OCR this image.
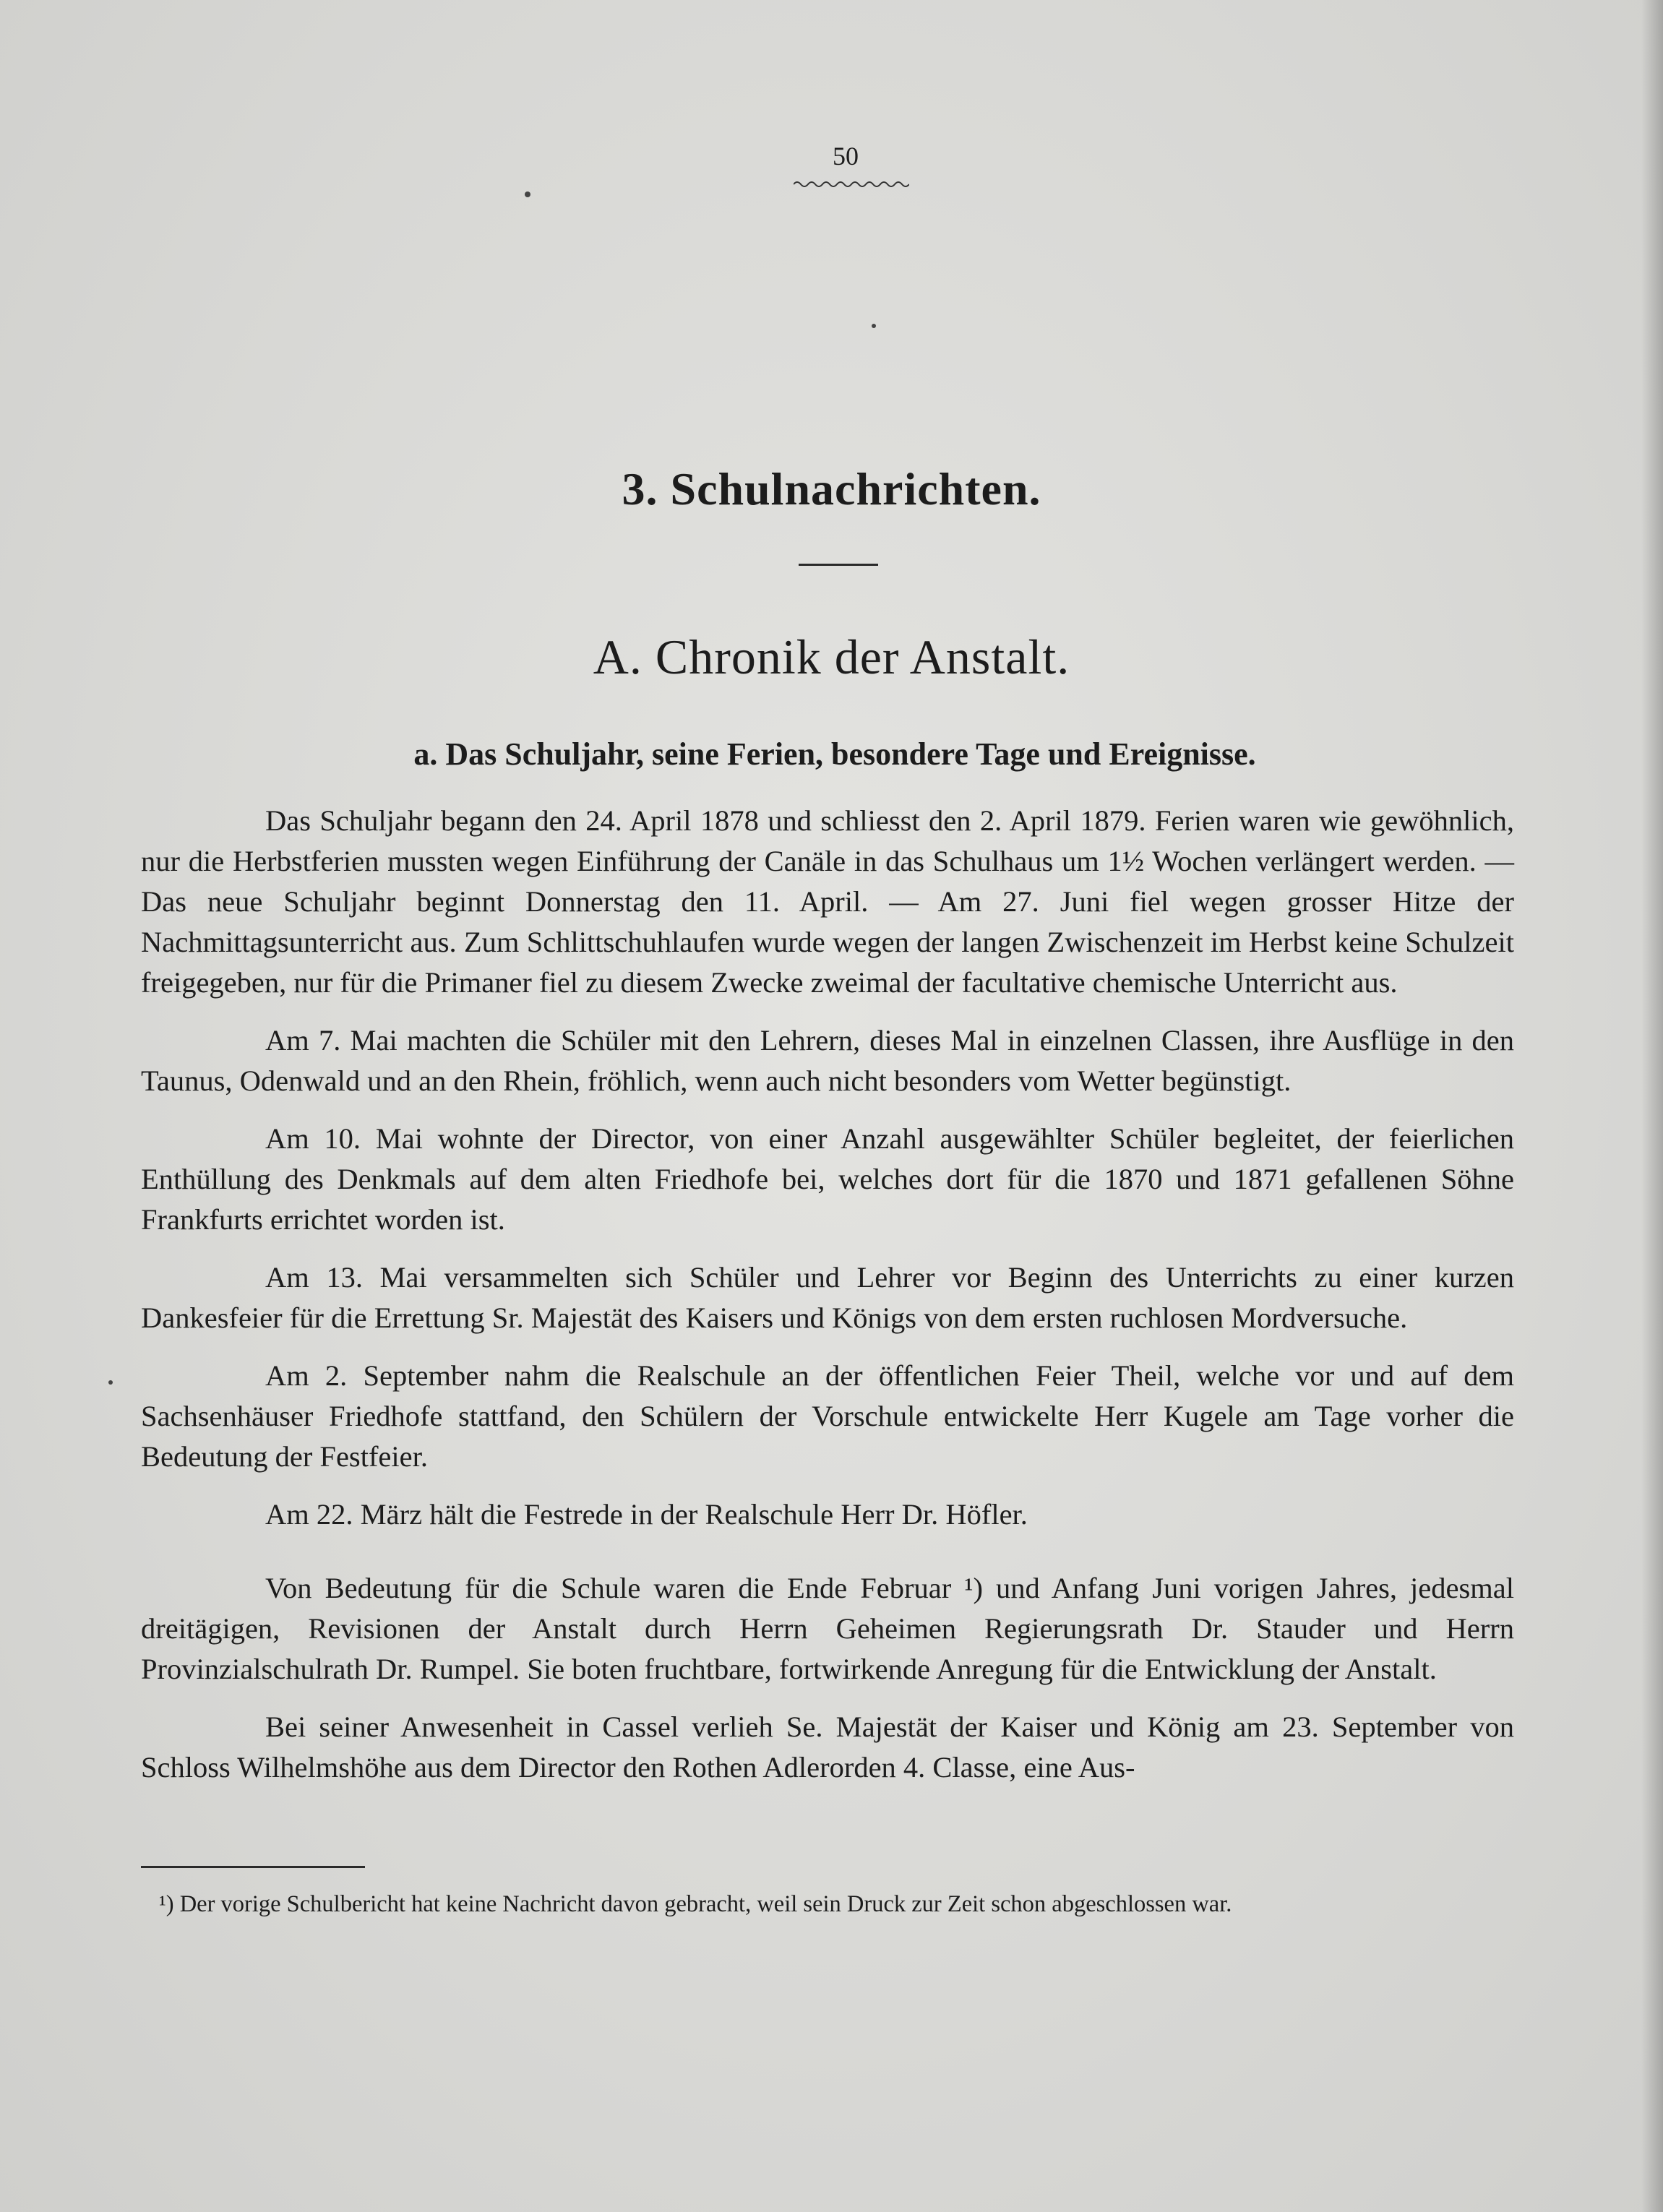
50
3. Schulnachrichten.
A. Chronik der Anstalt.
a. Das Schuljahr, seine Ferien, besondere Tage und Ereignisse.

Das Schuljahr begann den 24. April 1878 und schliesst den 2. April 1879. Ferien waren wie gewöhnlich, nur die Herbstferien mussten wegen Einführung der Canäle in das Schulhaus um 1½ Wochen verlängert werden. — Das neue Schuljahr beginnt Donnerstag den 11. April. — Am 27. Juni fiel wegen grosser Hitze der Nachmittagsunterricht aus. Zum Schlittschuhlaufen wurde wegen der langen Zwischenzeit im Herbst keine Schulzeit freigegeben, nur für die Primaner fiel zu diesem Zwecke zweimal der facultative chemische Unterricht aus.

Am 7. Mai machten die Schüler mit den Lehrern, dieses Mal in einzelnen Classen, ihre Ausflüge in den Taunus, Odenwald und an den Rhein, fröhlich, wenn auch nicht besonders vom Wetter begünstigt.

Am 10. Mai wohnte der Director, von einer Anzahl ausgewählter Schüler begleitet, der feierlichen Enthüllung des Denkmals auf dem alten Friedhofe bei, welches dort für die 1870 und 1871 gefallenen Söhne Frankfurts errichtet worden ist.

Am 13. Mai versammelten sich Schüler und Lehrer vor Beginn des Unterrichts zu einer kurzen Dankesfeier für die Errettung Sr. Majestät des Kaisers und Königs von dem ersten ruchlosen Mordversuche.

Am 2. September nahm die Realschule an der öffentlichen Feier Theil, welche vor und auf dem Sachsenhäuser Friedhofe stattfand, den Schülern der Vorschule entwickelte Herr Kugele am Tage vorher die Bedeutung der Festfeier.

Am 22. März hält die Festrede in der Realschule Herr Dr. Höfler.

Von Bedeutung für die Schule waren die Ende Februar ¹) und Anfang Juni vorigen Jahres, jedesmal dreitägigen, Revisionen der Anstalt durch Herrn Geheimen Regierungsrath Dr. Stauder und Herrn Provinzialschulrath Dr. Rumpel. Sie boten fruchtbare, fortwirkende Anregung für die Entwicklung der Anstalt.

Bei seiner Anwesenheit in Cassel verlieh Se. Majestät der Kaiser und König am 23. September von Schloss Wilhelmshöhe aus dem Director den Rothen Adlerorden 4. Classe, eine Aus-

¹) Der vorige Schulbericht hat keine Nachricht davon gebracht, weil sein Druck zur Zeit schon abgeschlossen war.
